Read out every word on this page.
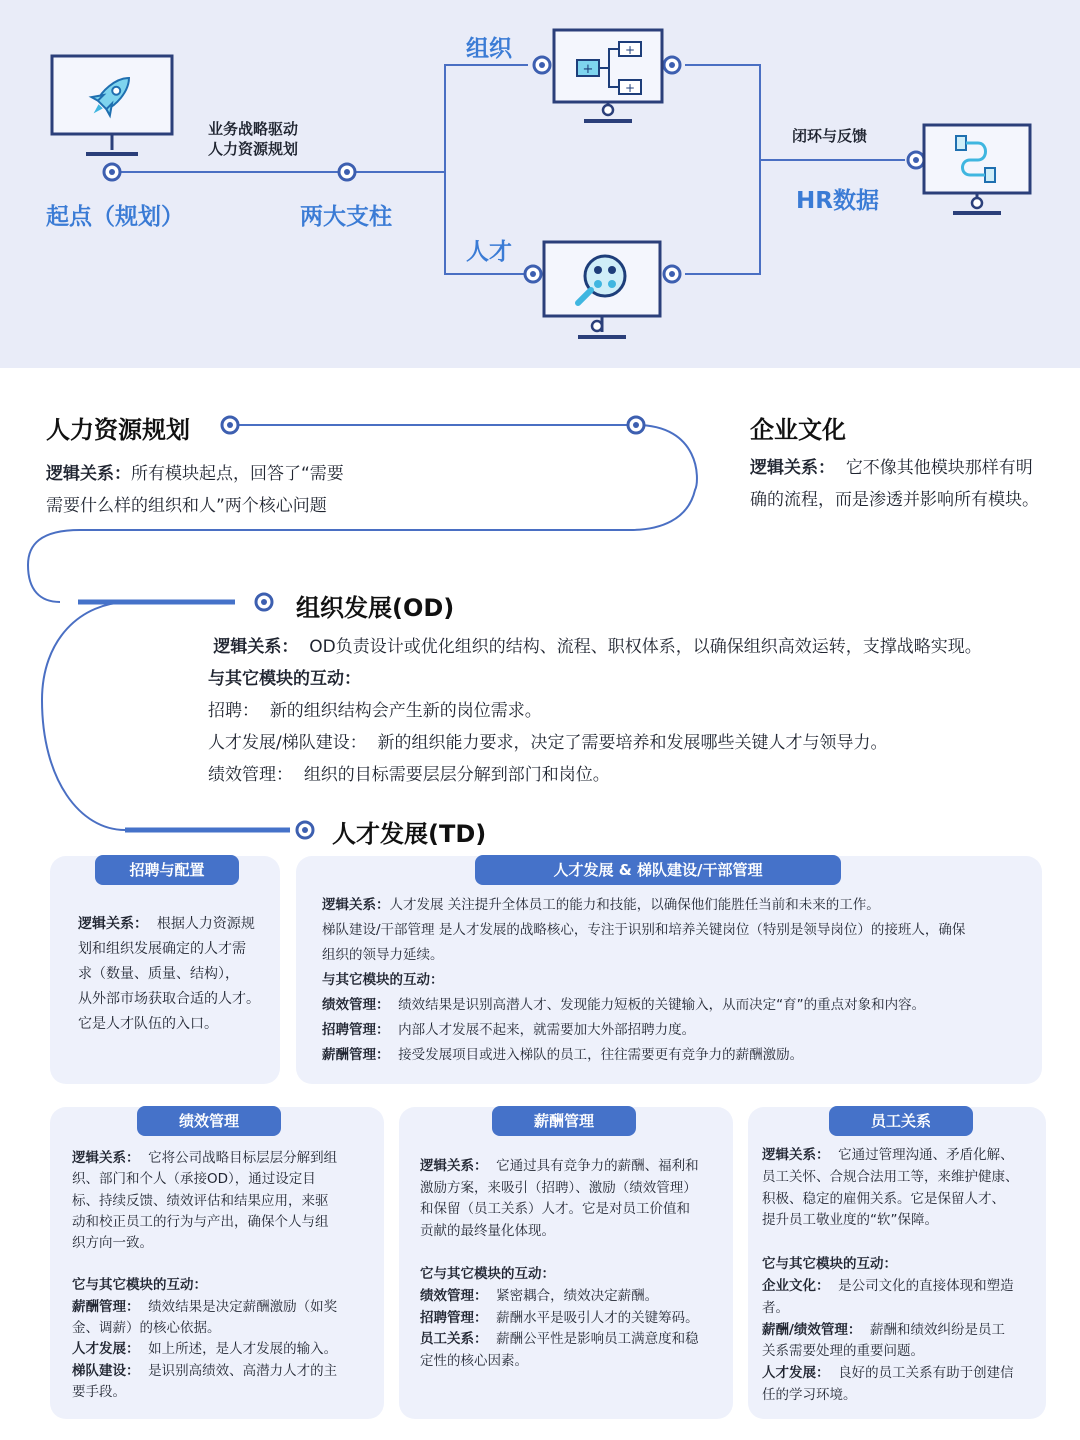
+
+
+
起点（规划）	两大支柱
业务战略驱动
人力资源规划
组织
人才
闭环与反馈
HR数据
人力资源规划
逻辑关系：所有模块起点，回答了“需要
需要什么样的组织和人”两个核心问题
企业文化
逻辑关系： 它不像其他模块那样有明
确的流程，而是渗透并影响所有模块。
组织发展(OD)
逻辑关系： OD负责设计或优化组织的结构、流程、职权体系，以确保组织高效运转，支撑战略实现。
与其它模块的互动：
招聘： 新的组织结构会产生新的岗位需求。
人才发展/梯队建设： 新的组织能力要求，决定了需要培养和发展哪些关键人才与领导力。
绩效管理： 组织的目标需要层层分解到部门和岗位。
人才发展(TD)
招聘与配置
逻辑关系： 根据人力资源规
划和组织发展确定的人才需
求（数量、质量、结构），
从外部市场获取合适的人才。
它是人才队伍的入口。
人才发展 & 梯队建设/干部管理
逻辑关系：人才发展 关注提升全体员工的能力和技能，以确保他们能胜任当前和未来的工作。
梯队建设/干部管理 是人才发展的战略核心，专注于识别和培养关键岗位（特别是领导岗位）的接班人，确保
组织的领导力延续。
与其它模块的互动：
绩效管理： 绩效结果是识别高潜人才、发现能力短板的关键输入，从而决定“育”的重点对象和内容。
招聘管理： 内部人才发展不起来，就需要加大外部招聘力度。
薪酬管理： 接受发展项目或进入梯队的员工，往往需要更有竞争力的薪酬激励。
绩效管理
逻辑关系： 它将公司战略目标层层分解到组
织、部门和个人（承接OD），通过设定目
标、持续反馈、绩效评估和结果应用，来驱
动和校正员工的行为与产出，确保个人与组
织方向一致。
它与其它模块的互动：
薪酬管理： 绩效结果是决定薪酬激励（如奖
金、调薪）的核心依据。
人才发展： 如上所述，是人才发展的输入。
梯队建设： 是识别高绩效、高潜力人才的主
要手段。
薪酬管理
逻辑关系： 它通过具有竞争力的薪酬、福利和
激励方案，来吸引（招聘）、激励（绩效管理）
和保留（员工关系）人才。它是对员工价值和
贡献的最终量化体现。
它与其它模块的互动：
绩效管理： 紧密耦合，绩效决定薪酬。
招聘管理： 薪酬水平是吸引人才的关键筹码。
员工关系： 薪酬公平性是影响员工满意度和稳
定性的核心因素。
员工关系
逻辑关系： 它通过管理沟通、矛盾化解、
员工关怀、合规合法用工等，来维护健康、
积极、稳定的雇佣关系。它是保留人才、
提升员工敬业度的“软”保障。
它与其它模块的互动：
企业文化： 是公司文化的直接体现和塑造
者。
薪酬/绩效管理： 薪酬和绩效纠纷是员工
关系需要处理的重要问题。
人才发展： 良好的员工关系有助于创建信
任的学习环境。
